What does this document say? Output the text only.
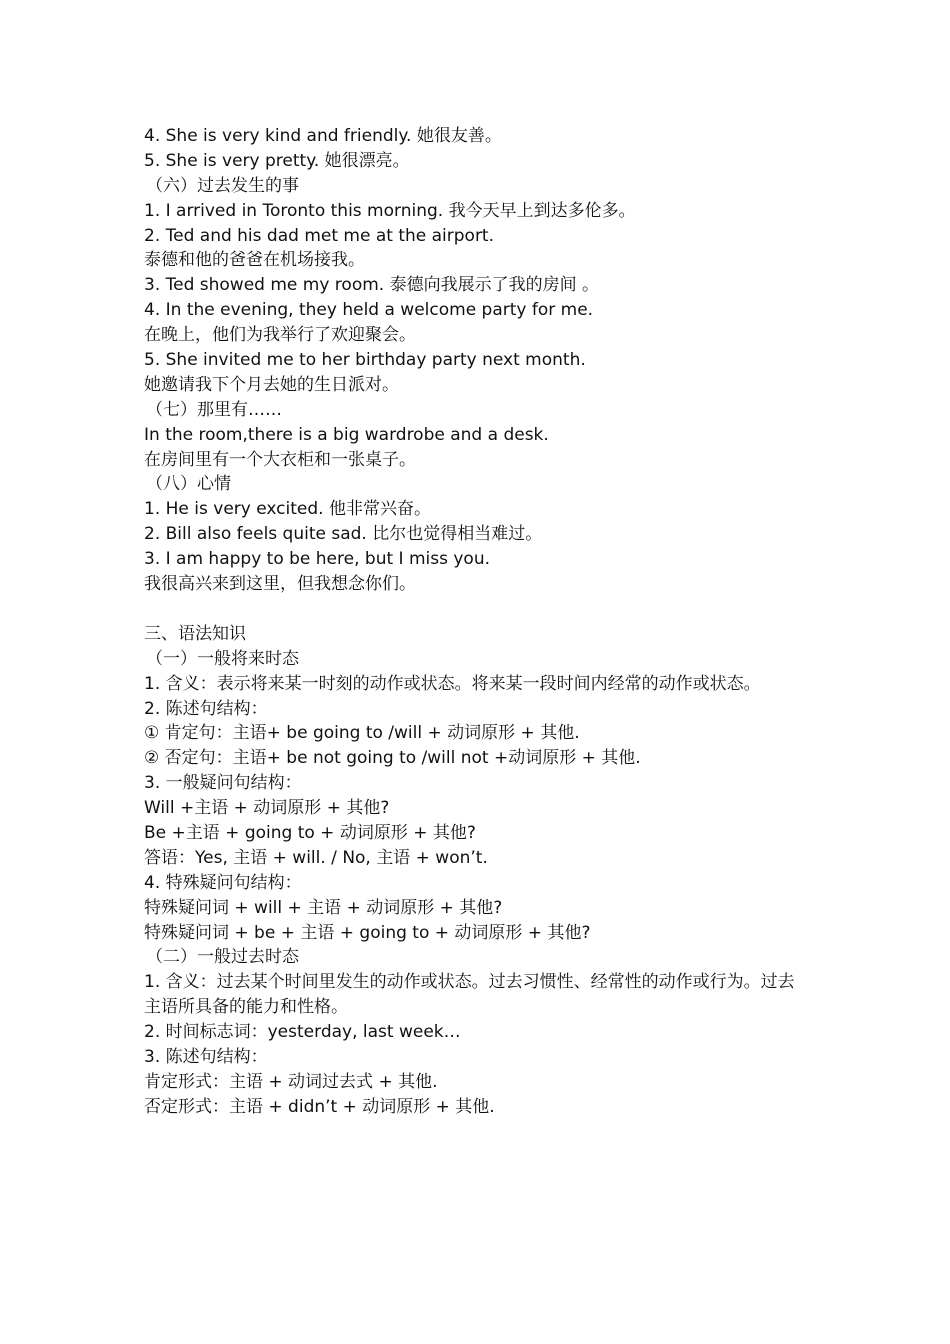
4. She is very kind and friendly. 她很友善。
5. She is very pretty. 她很漂亮。
（六）过去发生的事
1. I arrived in Toronto this morning. 我今天早上到达多伦多。
2. Ted and his dad met me at the airport.
泰德和他的爸爸在机场接我。
3. Ted showed me my room. 泰德向我展示了我的房间 。
4. In the evening, they held a welcome party for me.
在晚上，他们为我举行了欢迎聚会。
5. She invited me to her birthday party next month.
她邀请我下个月去她的生日派对。
（七）那里有……
In the room,there is a big wardrobe and a desk.
在房间里有一个大衣柜和一张桌子。
（八）心情
1. He is very excited. 他非常兴奋。
2. Bill also feels quite sad. 比尔也觉得相当难过。
3. I am happy to be here, but I miss you.
我很高兴来到这里，但我想念你们。
三、语法知识
（一）一般将来时态
1. 含义：表示将来某一时刻的动作或状态。将来某一段时间内经常的动作或状态。
2. 陈述句结构：
① 肯定句：主语+ be going to /will + 动词原形 + 其他.
② 否定句：主语+ be not going to /will not +动词原形 + 其他.
3. 一般疑问句结构：
Will +主语 + 动词原形 + 其他?
Be +主语 + going to + 动词原形 + 其他?
答语：Yes, 主语 + will. / No, 主语 + won’t.
4. 特殊疑问句结构：
特殊疑问词 + will + 主语 + 动词原形 + 其他?
特殊疑问词 + be + 主语 + going to + 动词原形 + 其他?
（二）一般过去时态
1. 含义：过去某个时间里发生的动作或状态。过去习惯性、经常性的动作或行为。过去主语所具备的能力和性格。
2. 时间标志词：yesterday, last week…
3. 陈述句结构：
肯定形式：主语 + 动词过去式 + 其他.
否定形式：主语 + didn’t + 动词原形 + 其他.
